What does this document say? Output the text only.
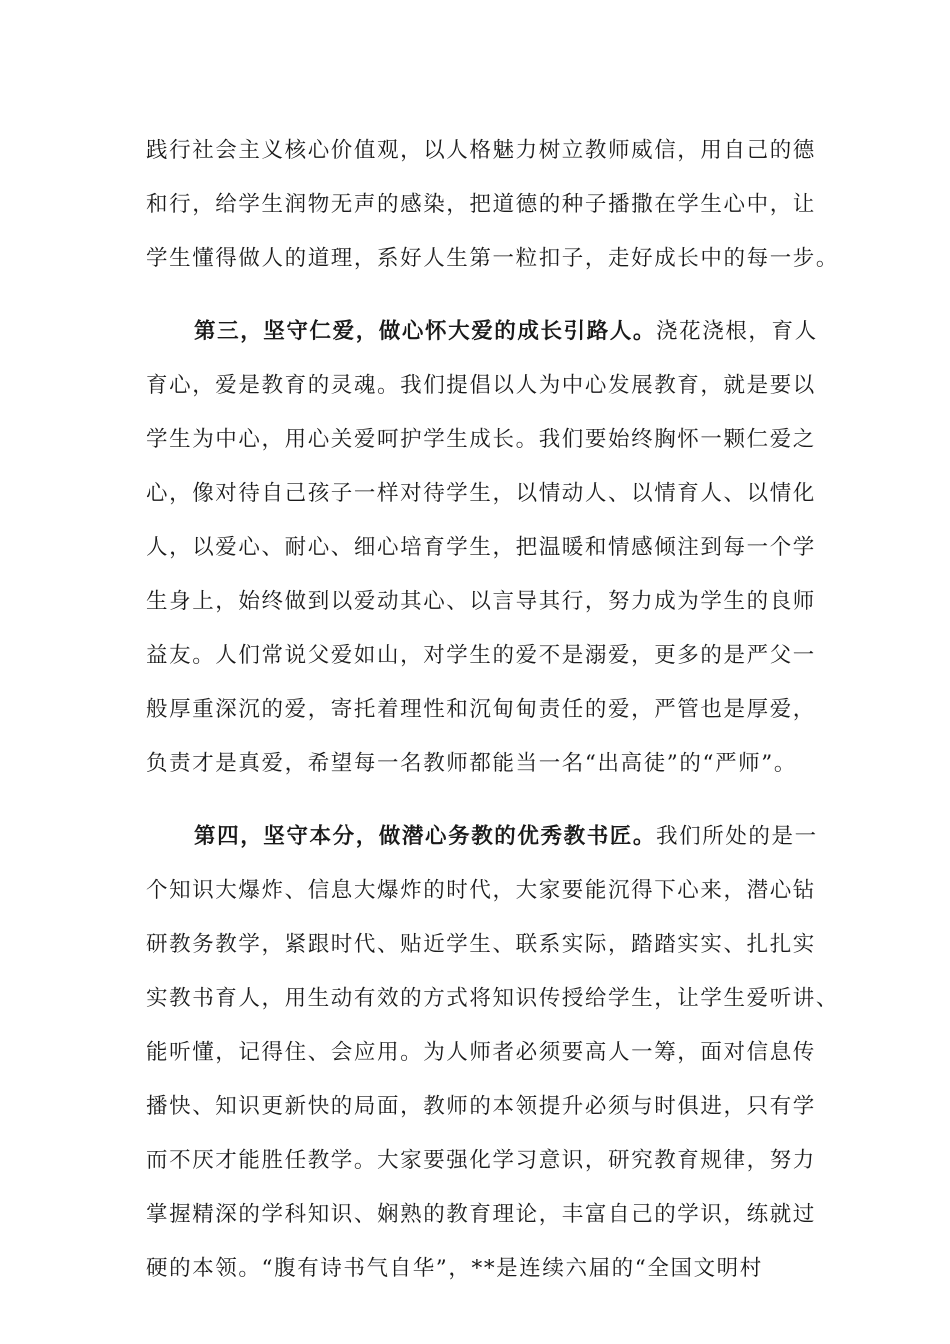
践行社会主义核心价值观，以人格魅力树立教师威信，用自己的德
和行，给学生润物无声的感染，把道德的种子播撒在学生心中，让
学生懂得做人的道理，系好人生第一粒扣子，走好成长中的每一步。
第三，坚守仁爱，做心怀大爱的成长引路人。浇花浇根，育人
育心，爱是教育的灵魂。我们提倡以人为中心发展教育，就是要以
学生为中心，用心关爱呵护学生成长。我们要始终胸怀一颗仁爱之
心，像对待自己孩子一样对待学生，以情动人、以情育人、以情化
人，以爱心、耐心、细心培育学生，把温暖和情感倾注到每一个学
生身上，始终做到以爱动其心、以言导其行，努力成为学生的良师
益友。人们常说父爱如山，对学生的爱不是溺爱，更多的是严父一
般厚重深沉的爱，寄托着理性和沉甸甸责任的爱，严管也是厚爱，
负责才是真爱，希望每一名教师都能当一名“出高徒”的“严师”。
第四，坚守本分，做潜心务教的优秀教书匠。我们所处的是一
个知识大爆炸、信息大爆炸的时代，大家要能沉得下心来，潜心钻
研教务教学，紧跟时代、贴近学生、联系实际，踏踏实实、扎扎实
实教书育人，用生动有效的方式将知识传授给学生，让学生爱听讲、
能听懂，记得住、会应用。为人师者必须要高人一筹，面对信息传
播快、知识更新快的局面，教师的本领提升必须与时俱进，只有学
而不厌才能胜任教学。大家要强化学习意识，研究教育规律，努力
掌握精深的学科知识、娴熟的教育理论，丰富自己的学识，练就过
硬的本领。“腹有诗书气自华”，**是连续六届的“全国文明村
